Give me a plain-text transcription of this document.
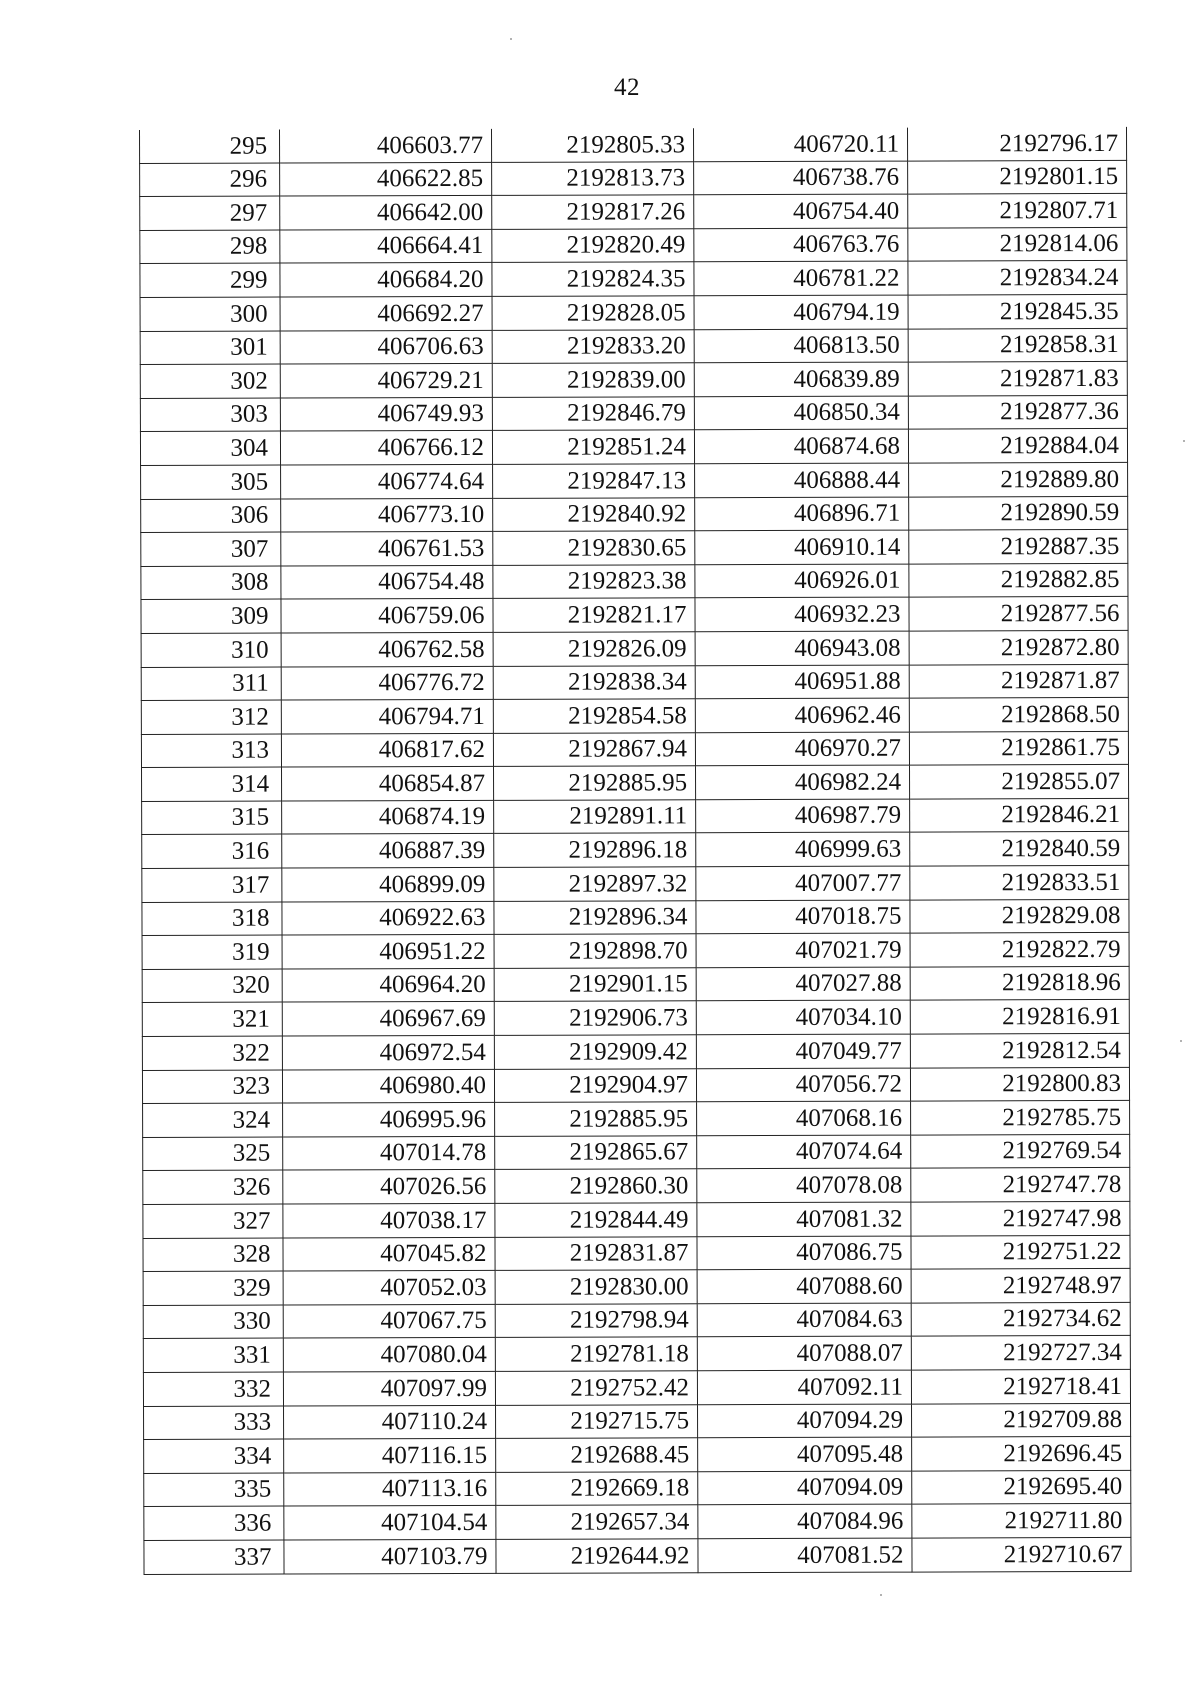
42
295	406603.77	2192805.33	406720.11	2192796.17
296	406622.85	2192813.73	406738.76	2192801.15
297	406642.00	2192817.26	406754.40	2192807.71
298	406664.41	2192820.49	406763.76	2192814.06
299	406684.20	2192824.35	406781.22	2192834.24
300	406692.27	2192828.05	406794.19	2192845.35
301	406706.63	2192833.20	406813.50	2192858.31
302	406729.21	2192839.00	406839.89	2192871.83
303	406749.93	2192846.79	406850.34	2192877.36
304	406766.12	2192851.24	406874.68	2192884.04
305	406774.64	2192847.13	406888.44	2192889.80
306	406773.10	2192840.92	406896.71	2192890.59
307	406761.53	2192830.65	406910.14	2192887.35
308	406754.48	2192823.38	406926.01	2192882.85
309	406759.06	2192821.17	406932.23	2192877.56
310	406762.58	2192826.09	406943.08	2192872.80
311	406776.72	2192838.34	406951.88	2192871.87
312	406794.71	2192854.58	406962.46	2192868.50
313	406817.62	2192867.94	406970.27	2192861.75
314	406854.87	2192885.95	406982.24	2192855.07
315	406874.19	2192891.11	406987.79	2192846.21
316	406887.39	2192896.18	406999.63	2192840.59
317	406899.09	2192897.32	407007.77	2192833.51
318	406922.63	2192896.34	407018.75	2192829.08
319	406951.22	2192898.70	407021.79	2192822.79
320	406964.20	2192901.15	407027.88	2192818.96
321	406967.69	2192906.73	407034.10	2192816.91
322	406972.54	2192909.42	407049.77	2192812.54
323	406980.40	2192904.97	407056.72	2192800.83
324	406995.96	2192885.95	407068.16	2192785.75
325	407014.78	2192865.67	407074.64	2192769.54
326	407026.56	2192860.30	407078.08	2192747.78
327	407038.17	2192844.49	407081.32	2192747.98
328	407045.82	2192831.87	407086.75	2192751.22
329	407052.03	2192830.00	407088.60	2192748.97
330	407067.75	2192798.94	407084.63	2192734.62
331	407080.04	2192781.18	407088.07	2192727.34
332	407097.99	2192752.42	407092.11	2192718.41
333	407110.24	2192715.75	407094.29	2192709.88
334	407116.15	2192688.45	407095.48	2192696.45
335	407113.16	2192669.18	407094.09	2192695.40
336	407104.54	2192657.34	407084.96	2192711.80
337	407103.79	2192644.92	407081.52	2192710.67
